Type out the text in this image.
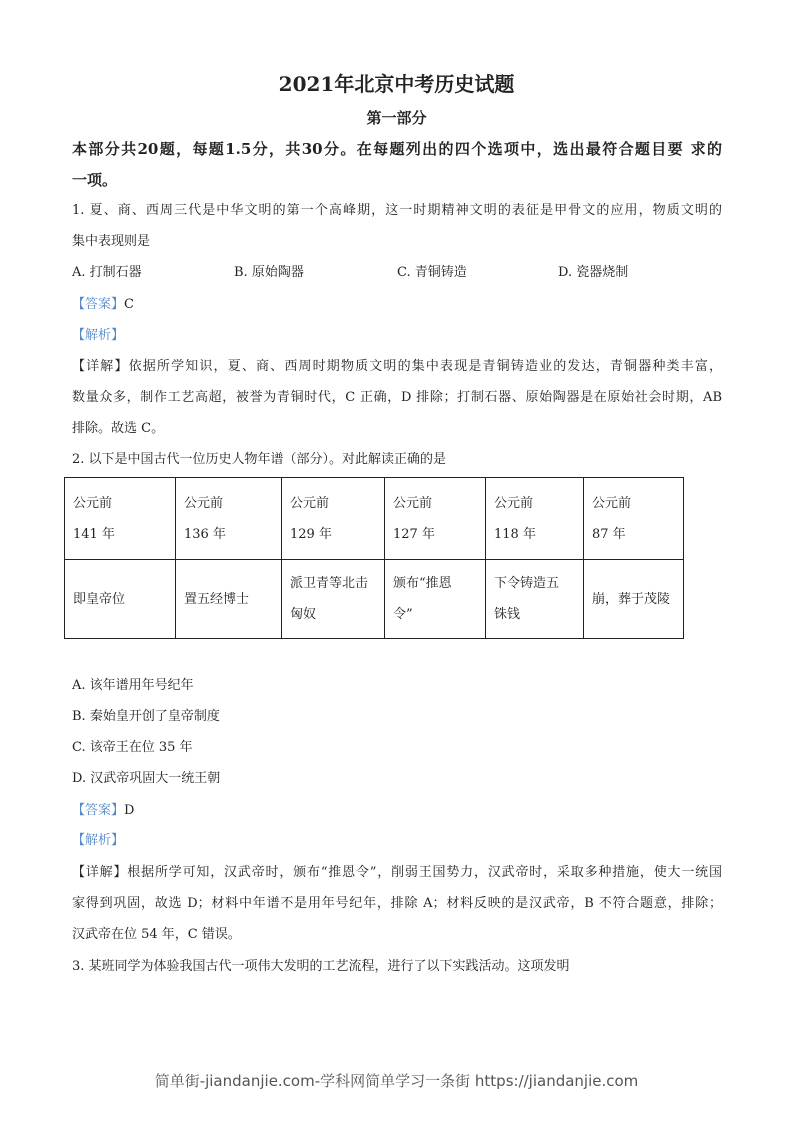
2021年北京中考历史试题
第一部分
本部分共20题，每题1.5分，共30分。在每题列出的四个选项中，选出最符合题目要 求的
一项。
1. 夏、商、西周三代是中华文明的第一个高峰期，这一时期精神文明的表征是甲骨文的应用，物质文明的
集中表现则是
A. 打制石器	B. 原始陶器	C. 青铜铸造	D. 瓷器烧制
【答案】C
【解析】
【详解】依据所学知识，夏、商、西周时期物质文明的集中表现是青铜铸造业的发达，青铜器种类丰富，
数量众多，制作工艺高超，被誉为青铜时代，C 正确，D 排除；打制石器、原始陶器是在原始社会时期，AB
排除。故选 C。
2. 以下是中国古代一位历史人物年谱（部分）。对此解读正确的是
公元前
141 年	公元前
136 年	公元前
129 年	公元前
127 年	公元前
118 年	公元前
87 年
即皇帝位	置五经博士	派卫青等北击
匈奴	颁布“推恩
令”	下令铸造五
铢钱	崩，葬于茂陵
A. 该年谱用年号纪年
B. 秦始皇开创了皇帝制度
C. 该帝王在位 35 年
D. 汉武帝巩固大一统王朝
【答案】D
【解析】
【详解】根据所学可知，汉武帝时，颁布“推恩令”，削弱王国势力，汉武帝时，采取多种措施，使大一统国
家得到巩固，故选 D；材料中年谱不是用年号纪年，排除 A；材料反映的是汉武帝，B 不符合题意，排除；
汉武帝在位 54 年，C 错误。
3. 某班同学为体验我国古代一项伟大发明的工艺流程，进行了以下实践活动。这项发明
简单街-jiandanjie.com-学科网简单学习一条街 https://jiandanjie.com
